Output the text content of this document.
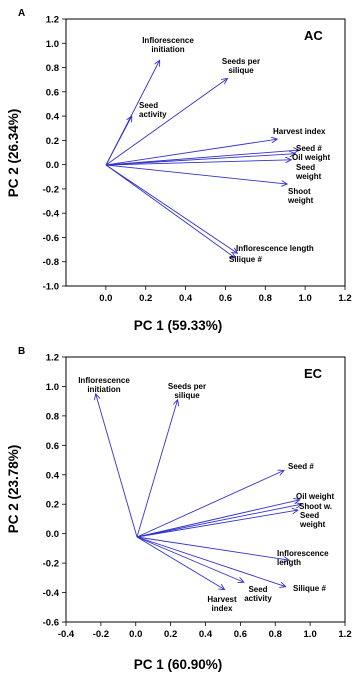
0.0	0.2	0.4	0.6	0.8	1.0	1.2
1.2
1.0
0.8
0.6
0.4
0.2
0.0
-0.2
-0.4
-0.6
-0.8
-1.0
A
AC
PC 1 (59.33%)
PC 2 (26.34%)
Inflorescence initiation
Seeds per silique
Seed activity
Harvest index
Seed #
Oil weight
Seed weight
Shoot weight
Inflorescence length
Silique #
-0.4 -0.2 0.0 0.2 0.4 0.6 0.8 1.0 1.2
1.2
1.0
0.8
0.6
0.4
0.2
0.0
-0.2
-0.4
-0.6
B
EC
PC 1 (60.90%)
PC 2 (23.78%)
Inflorescence initiation	Seeds per silique
Seed #
Oil weight
Shoot w.
Seed weight
Inflorescence length
Silique #
Seed activity
Harvest index
